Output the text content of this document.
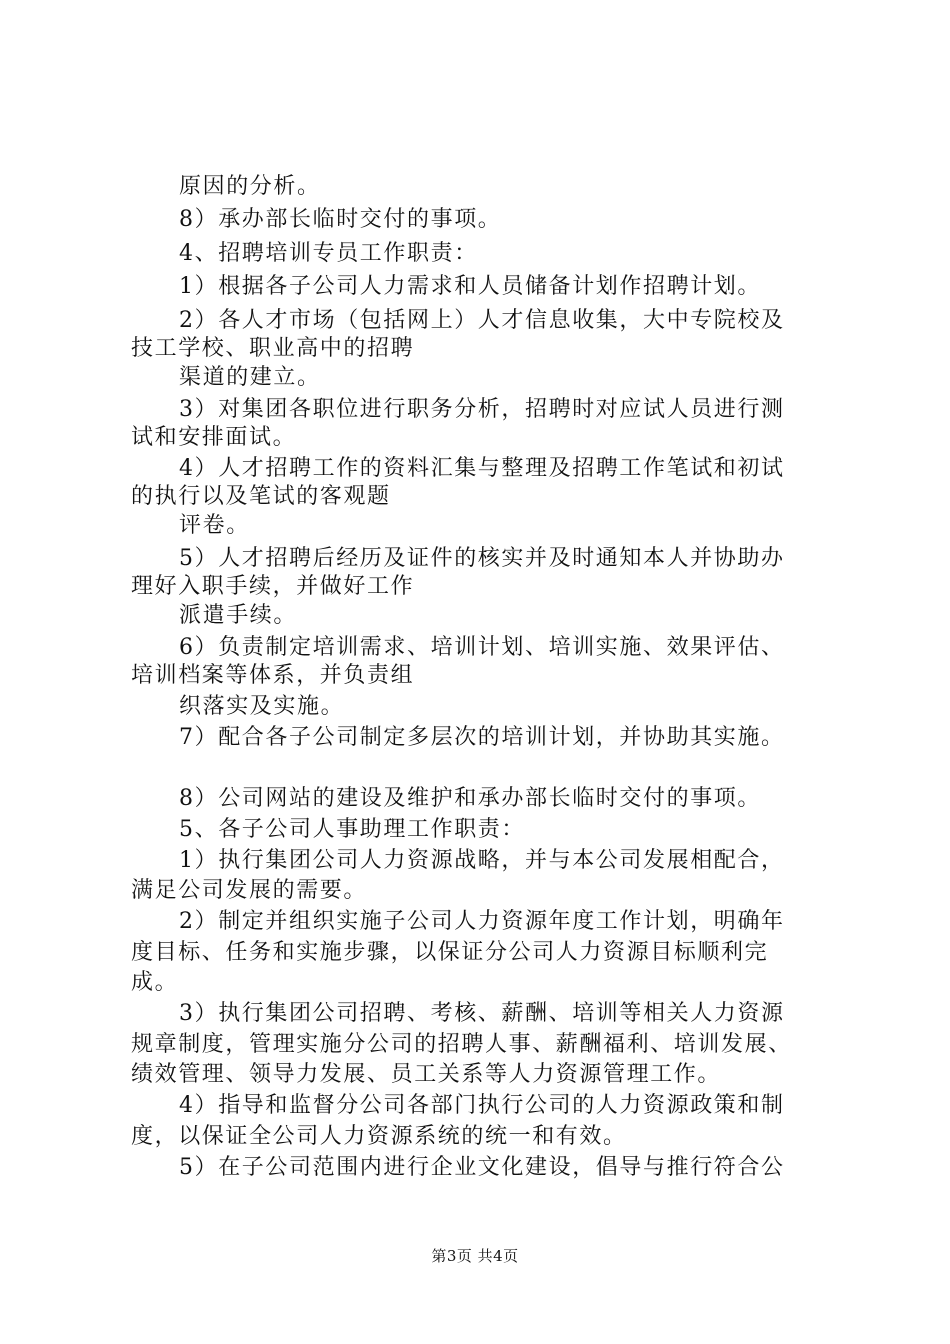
原因的分析。
8）承办部长临时交付的事项。
4、招聘培训专员工作职责：
1）根据各子公司人力需求和人员储备计划作招聘计划。
2）各人才市场（包括网上）人才信息收集，大中专院校及
技工学校、职业高中的招聘
渠道的建立。
3）对集团各职位进行职务分析，招聘时对应试人员进行测
试和安排面试。
4）人才招聘工作的资料汇集与整理及招聘工作笔试和初试
的执行以及笔试的客观题
评卷。
5）人才招聘后经历及证件的核实并及时通知本人并协助办
理好入职手续，并做好工作
派遣手续。
6）负责制定培训需求、培训计划、培训实施、效果评估、
培训档案等体系，并负责组
织落实及实施。
7）配合各子公司制定多层次的培训计划，并协助其实施。
8）公司网站的建设及维护和承办部长临时交付的事项。
5、各子公司人事助理工作职责：
1）执行集团公司人力资源战略，并与本公司发展相配合，
满足公司发展的需要。
2）制定并组织实施子公司人力资源年度工作计划，明确年
度目标、任务和实施步骤，以保证分公司人力资源目标顺利完
成。
3）执行集团公司招聘、考核、薪酬、培训等相关人力资源
规章制度，管理实施分公司的招聘人事、薪酬福利、培训发展、
绩效管理、领导力发展、员工关系等人力资源管理工作。
4）指导和监督分公司各部门执行公司的人力资源政策和制
度，以保证全公司人力资源系统的统一和有效。
5）在子公司范围内进行企业文化建设，倡导与推行符合公
第3页 共4页
